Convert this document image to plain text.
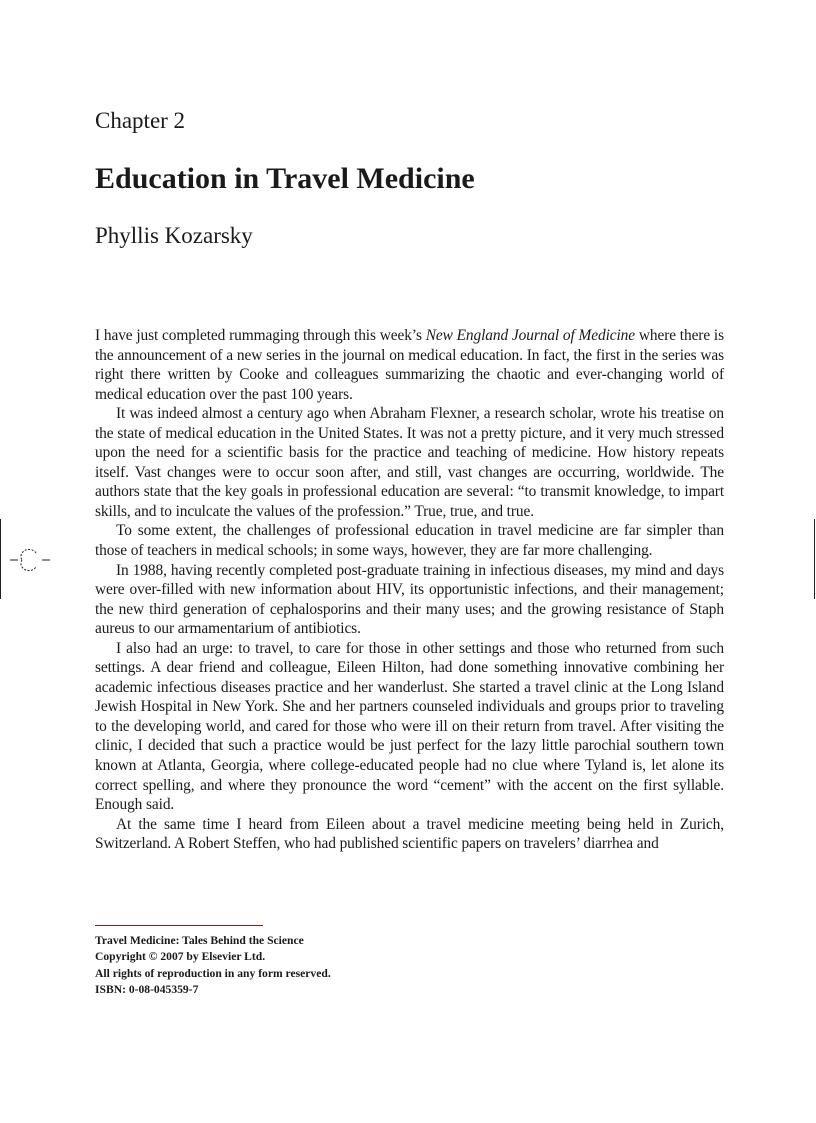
Chapter 2
Education in Travel Medicine
Phyllis Kozarsky

I have just completed rummaging through this week’s New England Journal of Medicine where there is the announcement of a new series in the journal on medical education. In fact, the first in the series was right there written by Cooke and colleagues summarizing the chaotic and ever-changing world of medical education over the past 100 years.

It was indeed almost a century ago when Abraham Flexner, a research scholar, wrote his treatise on the state of medical education in the United States. It was not a pretty picture, and it very much stressed upon the need for a scientific basis for the practice and teaching of medicine. How history repeats itself. Vast changes were to occur soon after, and still, vast changes are occurring, worldwide. The authors state that the key goals in professional education are several: “to transmit knowledge, to impart skills, and to inculcate the values of the profession.” True, true, and true.

To some extent, the challenges of professional education in travel medicine are far simpler than those of teachers in medical schools; in some ways, however, they are far more challenging.

In 1988, having recently completed post-graduate training in infectious diseases, my mind and days were over-filled with new information about HIV, its opportunistic infections, and their management; the new third generation of cephalosporins and their many uses; and the growing resistance of Staph aureus to our armamentarium of antibiotics.

I also had an urge: to travel, to care for those in other settings and those who returned from such settings. A dear friend and colleague, Eileen Hilton, had done something innovative combining her academic infectious diseases practice and her wanderlust. She started a travel clinic at the Long Island Jewish Hospital in New York. She and her partners counseled individuals and groups prior to traveling to the developing world, and cared for those who were ill on their return from travel. After visiting the clinic, I decided that such a practice would be just perfect for the lazy little parochial southern town known at Atlanta, Georgia, where college-educated people had no clue where Tyland is, let alone its correct spelling, and where they pronounce the word “cement” with the accent on the first syllable. Enough said.

At the same time I heard from Eileen about a travel medicine meeting being held in Zurich, Switzerland. A Robert Steffen, who had published scientific papers on travelers’ diarrhea and

Travel Medicine: Tales Behind the Science
Copyright © 2007 by Elsevier Ltd.
All rights of reproduction in any form reserved.
ISBN: 0-08-045359-7
